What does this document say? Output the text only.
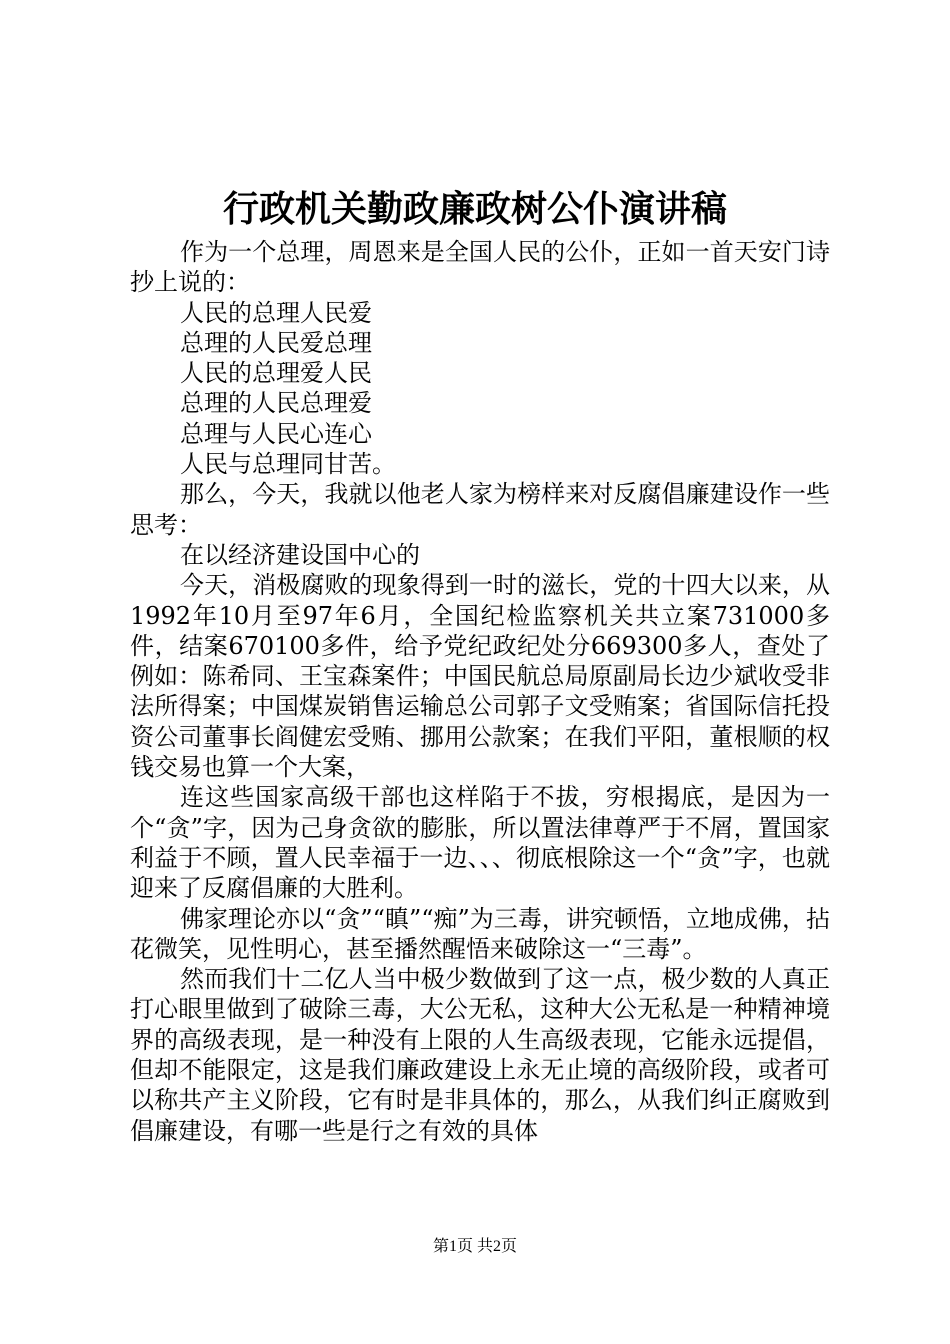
行政机关勤政廉政树公仆演讲稿

作为一个总理，周恩来是全国人民的公仆，正如一首天安门诗抄上说的：

人民的总理人民爱

总理的人民爱总理

人民的总理爱人民

总理的人民总理爱

总理与人民心连心

人民与总理同甘苦。

那么，今天，我就以他老人家为榜样来对反腐倡廉建设作一些思考：

在以经济建设国中心的

今天，消极腐败的现象得到一时的滋长，党的十四大以来，从1992年10月至97年6月，全国纪检监察机关共立案731000多件，结案670100多件，给予党纪政纪处分669300多人，查处了例如：陈希同、王宝森案件；中国民航总局原副局长边少斌收受非法所得案；中国煤炭销售运输总公司郭子文受贿案；省国际信托投资公司董事长阎健宏受贿、挪用公款案；在我们平阳，董根顺的权钱交易也算一个大案，

连这些国家高级干部也这样陷于不拔，穷根揭底，是因为一个“贪”字，因为己身贪欲的膨胀，所以置法律尊严于不屑，置国家利益于不顾，置人民幸福于一边、、、彻底根除这一个“贪”字，也就迎来了反腐倡廉的大胜利。

佛家理论亦以“贪”“瞋”“痴”为三毒，讲究顿悟，立地成佛，拈花微笑，见性明心，甚至播然醒悟来破除这一“三毒”。

然而我们十二亿人当中极少数做到了这一点，极少数的人真正打心眼里做到了破除三毒，大公无私，这种大公无私是一种精神境界的高级表现，是一种没有上限的人生高级表现，它能永远提倡，但却不能限定，这是我们廉政建设上永无止境的高级阶段，或者可以称共产主义阶段，它有时是非具体的，那么，从我们纠正腐败到倡廉建设，有哪一些是行之有效的具体

第1页 共2页
